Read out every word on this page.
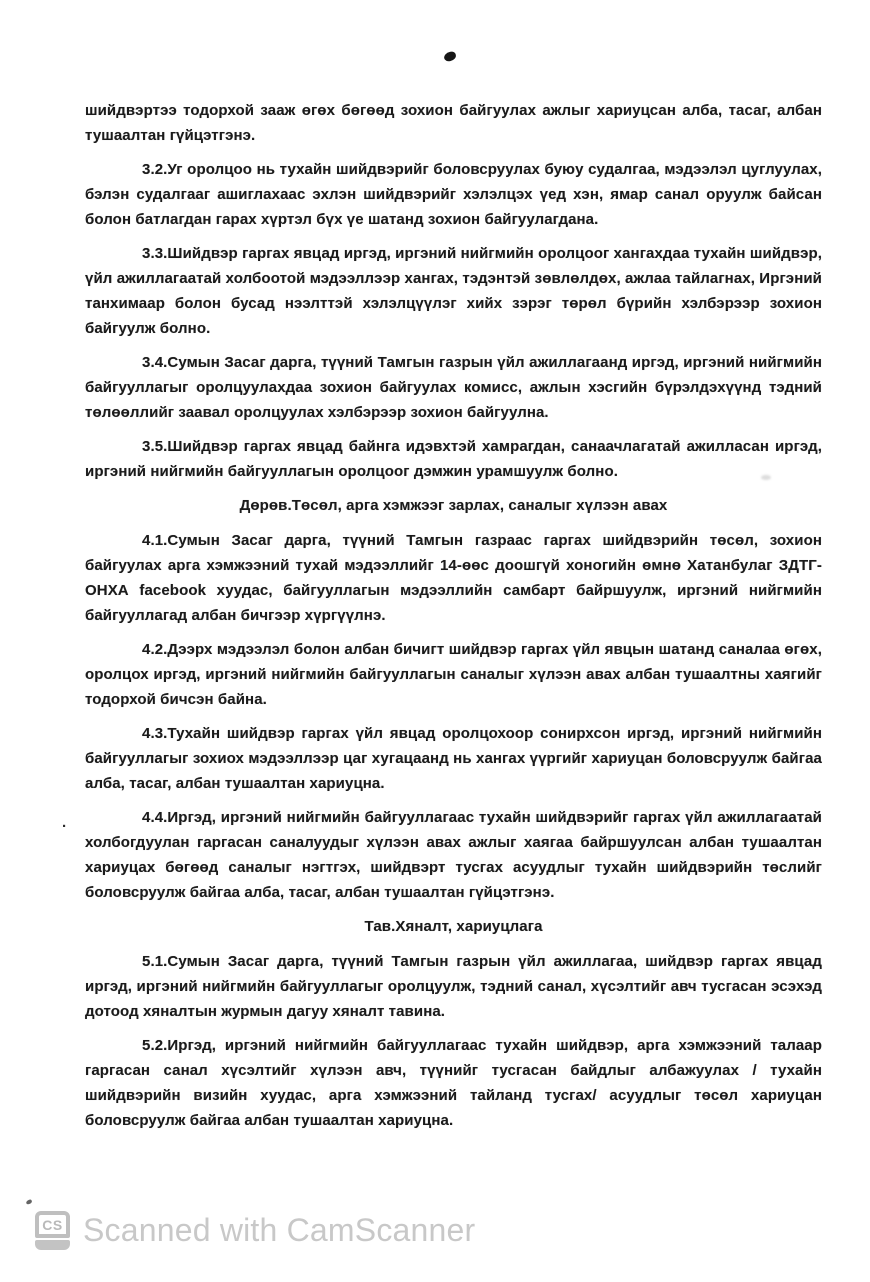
шийдвэртээ тодорхой зааж өгөх бөгөөд зохион байгуулах ажлыг хариуцсан алба, тасаг, албан тушаалтан гүйцэтгэнэ.

3.2.Уг оролцоо нь тухайн шийдвэрийг боловсруулах буюу судалгаа, мэдээлэл цуглуулах, бэлэн судалгааг ашиглахаас эхлэн шийдвэрийг хэлэлцэх үед хэн, ямар санал оруулж байсан болон батлагдан гарах хүртэл бүх үе шатанд зохион байгуулагдана.

3.3.Шийдвэр гаргах явцад иргэд, иргэний нийгмийн оролцоог хангахдаа тухайн шийдвэр, үйл ажиллагаатай холбоотой мэдээллээр хангах, тэдэнтэй зөвлөлдөх, ажлаа тайлагнах, Иргэний танхимаар болон бусад нээлттэй хэлэлцүүлэг хийх зэрэг төрөл бүрийн хэлбэрээр зохион байгуулж болно.

3.4.Сумын Засаг дарга, түүний Тамгын газрын үйл ажиллагаанд иргэд, иргэний нийгмийн байгууллагыг оролцуулахдаа зохион байгуулах комисс, ажлын хэсгийн бүрэлдэхүүнд тэдний төлөөллийг заавал оролцуулах хэлбэрээр зохион байгуулна.

3.5.Шийдвэр гаргах явцад байнга идэвхтэй хамрагдан, санаачлагатай ажилласан иргэд, иргэний нийгмийн байгууллагын оролцоог дэмжин урамшуулж болно.

Дөрөв.Төсөл, арга хэмжээг зарлах, саналыг хүлээн авах

4.1.Сумын Засаг дарга, түүний Тамгын газраас гаргах шийдвэрийн төсөл, зохион байгуулах арга хэмжээний тухай мэдээллийг 14-өөс доошгүй хоногийн өмнө Хатанбулаг ЗДТГ-ОНХА facebook хуудас, байгууллагын мэдээллийн самбарт байршуулж, иргэний нийгмийн байгууллагад албан бичгээр хүргүүлнэ.

4.2.Дээрх мэдээлэл болон албан бичигт шийдвэр гаргах үйл явцын шатанд саналаа өгөх, оролцох иргэд, иргэний нийгмийн байгууллагын саналыг хүлээн авах албан тушаалтны хаягийг тодорхой бичсэн байна.

4.3.Тухайн шийдвэр гаргах үйл явцад оролцохоор сонирхсон иргэд, иргэний нийгмийн байгууллагыг зохиох мэдээллээр цаг хугацаанд нь хангах үүргийг хариуцан боловсруулж байгаа алба, тасаг, албан тушаалтан хариуцна.

4.4.Иргэд, иргэний нийгмийн байгууллагаас тухайн шийдвэрийг гаргах үйл ажиллагаатай холбогдуулан гаргасан саналуудыг хүлээн авах ажлыг хаягаа байршуулсан албан тушаалтан хариуцах бөгөөд саналыг нэгтгэх, шийдвэрт тусгах асуудлыг тухайн шийдвэрийн төслийг боловсруулж байгаа алба, тасаг, албан тушаалтан гүйцэтгэнэ.

Тав.Хяналт, хариуцлага

5.1.Сумын Засаг дарга, түүний Тамгын газрын үйл ажиллагаа, шийдвэр гаргах явцад иргэд, иргэний нийгмийн байгууллагыг оролцуулж, тэдний санал, хүсэлтийг авч тусгасан эсэхэд дотоод хяналтын журмын дагуу хяналт тавина.

5.2.Иргэд, иргэний нийгмийн байгууллагаас тухайн шийдвэр, арга хэмжээний талаар гаргасан санал хүсэлтийг хүлээн авч, түүнийг тусгасан байдлыг албажуулах / тухайн шийдвэрийн визийн хуудас, арга хэмжээний тайланд тусгах/ асуудлыг төсөл хариуцан боловсруулж байгаа албан тушаалтан хариуцна.

.
CS Scanned with CamScanner
